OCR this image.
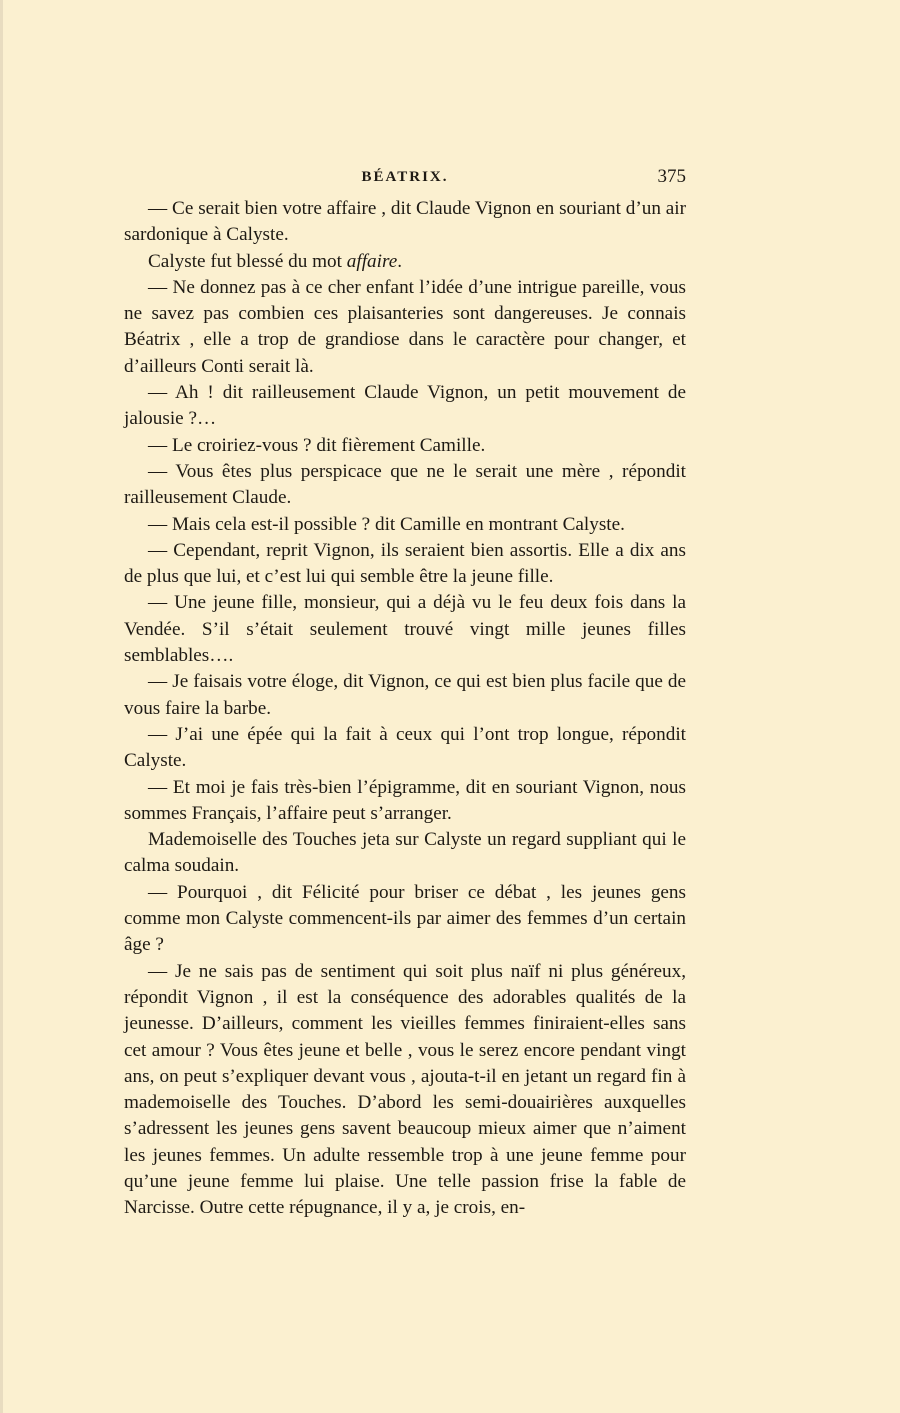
BÉATRIX.	375

— Ce serait bien votre affaire , dit Claude Vignon en souriant d’un air sardonique à Calyste.

Calyste fut blessé du mot affaire.

— Ne donnez pas à ce cher enfant l’idée d’une intrigue pareille, vous ne savez pas combien ces plaisanteries sont dangereuses. Je connais Béatrix , elle a trop de grandiose dans le caractère pour changer, et d’ailleurs Conti serait là.

— Ah ! dit railleusement Claude Vignon, un petit mouvement de jalousie ?…

— Le croiriez-vous ? dit fièrement Camille.

— Vous êtes plus perspicace que ne le serait une mère , répondit railleusement Claude.

— Mais cela est-il possible ? dit Camille en montrant Calyste.

— Cependant, reprit Vignon, ils seraient bien assortis. Elle a dix ans de plus que lui, et c’est lui qui semble être la jeune fille.

— Une jeune fille, monsieur, qui a déjà vu le feu deux fois dans la Vendée. S’il s’était seulement trouvé vingt mille jeunes filles semblables….

— Je faisais votre éloge, dit Vignon, ce qui est bien plus facile que de vous faire la barbe.

— J’ai une épée qui la fait à ceux qui l’ont trop longue, répondit Calyste.

— Et moi je fais très-bien l’épigramme, dit en souriant Vignon, nous sommes Français, l’affaire peut s’arranger.

Mademoiselle des Touches jeta sur Calyste un regard suppliant qui le calma soudain.

— Pourquoi , dit Félicité pour briser ce débat , les jeunes gens comme mon Calyste commencent-ils par aimer des femmes d’un certain âge ?

— Je ne sais pas de sentiment qui soit plus naïf ni plus généreux, répondit Vignon , il est la conséquence des adorables qualités de la jeunesse. D’ailleurs, comment les vieilles femmes finiraient-elles sans cet amour ? Vous êtes jeune et belle , vous le serez encore pendant vingt ans, on peut s’expliquer devant vous , ajouta-t-il en jetant un regard fin à mademoiselle des Touches. D’abord les semi-douairières auxquelles s’adressent les jeunes gens savent beaucoup mieux aimer que n’aiment les jeunes femmes. Un adulte ressemble trop à une jeune femme pour qu’une jeune femme lui plaise. Une telle passion frise la fable de Narcisse. Outre cette répugnance, il y a, je crois, en-
